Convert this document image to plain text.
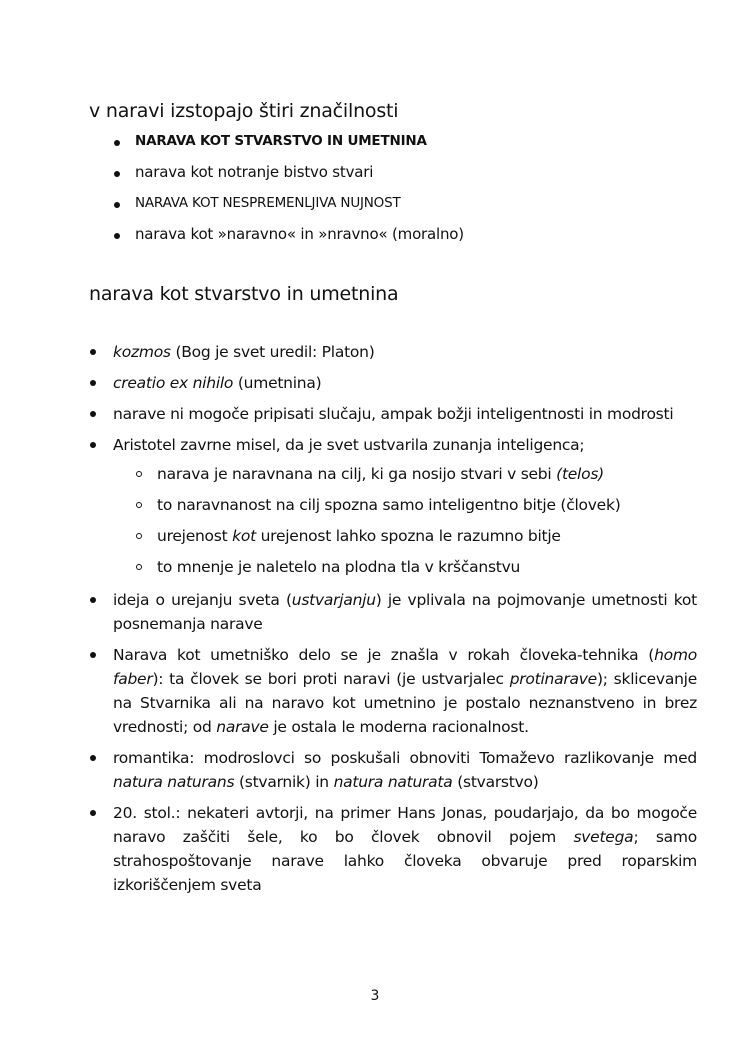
v naravi izstopajo štiri značilnosti
NARAVA KOT STVARSTVO IN UMETNINA
narava kot notranje bistvo stvari
NARAVA KOT NESPREMENLJIVA NUJNOST
narava kot »naravno« in »nravno« (moralno)
narava kot stvarstvo in umetnina
kozmos (Bog je svet uredil: Platon)
creatio ex nihilo (umetnina)
narave ni mogoče pripisati slučaju, ampak božji inteligentnosti in modrosti
Aristotel zavrne misel, da je svet ustvarila zunanja inteligenca;
narava je naravnana na cilj, ki ga nosijo stvari v sebi (telos)
to naravnanost na cilj spozna samo inteligentno bitje (človek)
urejenost kot urejenost lahko spozna le razumno bitje
to mnenje je naletelo na plodna tla v krščanstvu
ideja o urejanju sveta (ustvarjanju) je vplivala na pojmovanje umetnosti kot posnemanja narave
Narava kot umetniško delo se je znašla v rokah človeka-tehnika (homo faber): ta človek se bori proti naravi (je ustvarjalec protinarave); sklicevanje na Stvarnika ali na naravo kot umetnino je postalo neznanstveno in brez vrednosti; od narave je ostala le moderna racionalnost.
romantika: modroslovci so poskušali obnoviti Tomaževo razlikovanje med natura naturans (stvarnik) in natura naturata (stvarstvo)
20. stol.: nekateri avtorji, na primer Hans Jonas, poudarjajo, da bo mogoče naravo zaščiti šele, ko bo človek obnovil pojem svetega; samo strahospoštovanje narave lahko človeka obvaruje pred roparskim izkoriščenjem sveta
3
